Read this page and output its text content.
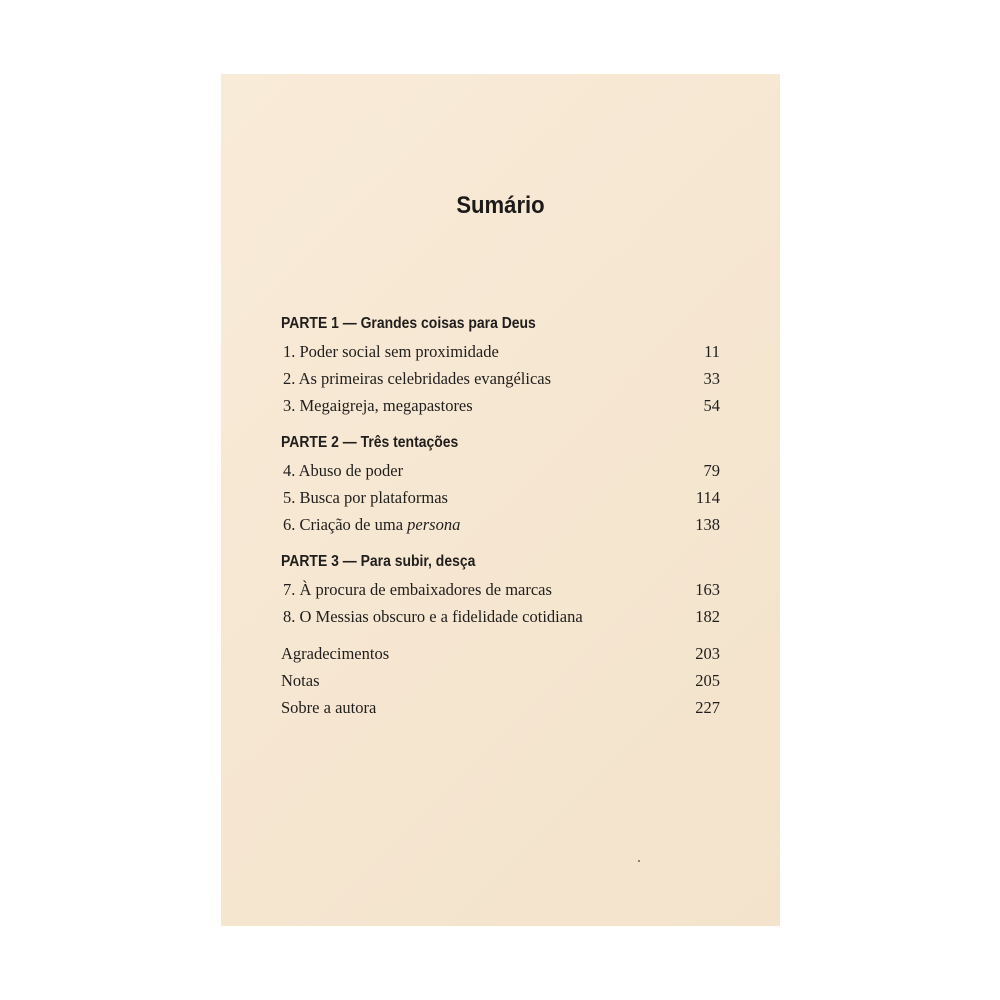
Sumário
PARTE 1 — Grandes coisas para Deus
1. Poder social sem proximidade	11
2. As primeiras celebridades evangélicas	33
3. Megaigreja, megapastores	54
PARTE 2 — Três tentações
4. Abuso de poder	79
5. Busca por plataformas	114
6. Criação de uma persona	138
PARTE 3 — Para subir, desça
7. À procura de embaixadores de marcas	163
8. O Messias obscuro e a fidelidade cotidiana	182
Agradecimentos	203
Notas	205
Sobre a autora	227
